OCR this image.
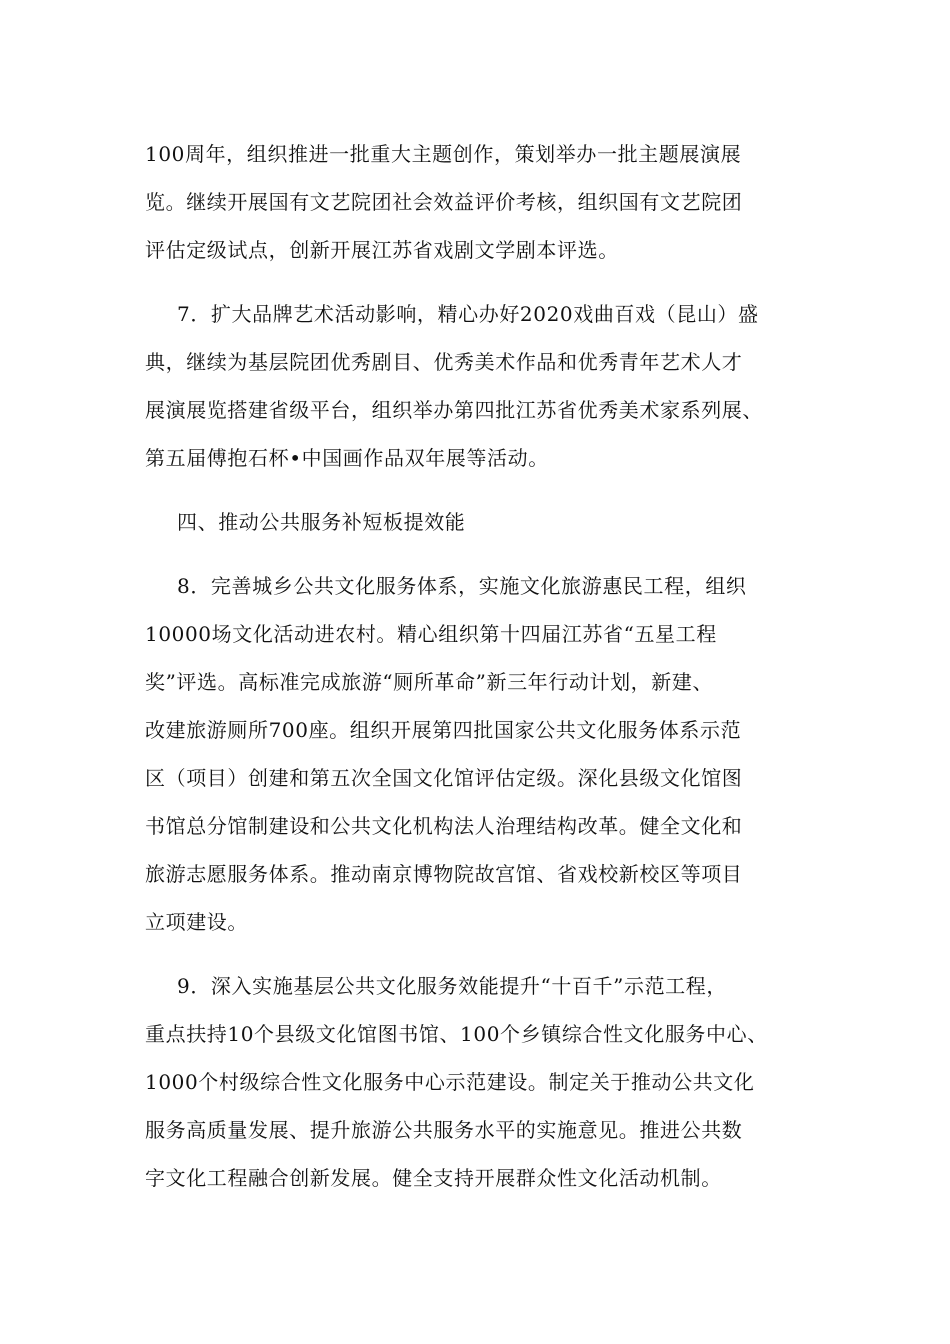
100周年，组织推进一批重大主题创作，策划举办一批主题展演展
览。继续开展国有文艺院团社会效益评价考核，组织国有文艺院团
评估定级试点，创新开展江苏省戏剧文学剧本评选。
7．扩大品牌艺术活动影响，精心办好2020戏曲百戏（昆山）盛
典，继续为基层院团优秀剧目、优秀美术作品和优秀青年艺术人才
展演展览搭建省级平台，组织举办第四批江苏省优秀美术家系列展、
第五届傅抱石杯•中国画作品双年展等活动。
四、推动公共服务补短板提效能
8．完善城乡公共文化服务体系，实施文化旅游惠民工程，组织
10000场文化活动进农村。精心组织第十四届江苏省“五星工程
奖”评选。高标准完成旅游“厕所革命”新三年行动计划，新建、
改建旅游厕所700座。组织开展第四批国家公共文化服务体系示范
区（项目）创建和第五次全国文化馆评估定级。深化县级文化馆图
书馆总分馆制建设和公共文化机构法人治理结构改革。健全文化和
旅游志愿服务体系。推动南京博物院故宫馆、省戏校新校区等项目
立项建设。
9．深入实施基层公共文化服务效能提升“十百千”示范工程，
重点扶持10个县级文化馆图书馆、100个乡镇综合性文化服务中心、
1000个村级综合性文化服务中心示范建设。制定关于推动公共文化
服务高质量发展、提升旅游公共服务水平的实施意见。推进公共数
字文化工程融合创新发展。健全支持开展群众性文化活动机制。
